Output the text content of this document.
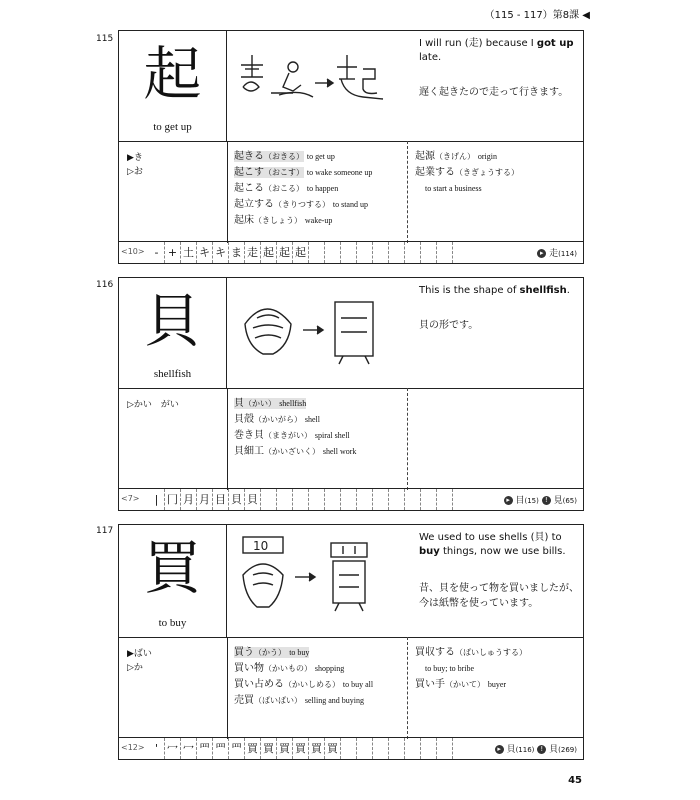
（115 - 117）第8課 ◀
115
起
to get up
I will run (走) because I got up late.
遅く起きたので走って行きます。
▶き
▷お
起きる（おきる） to get up
起こす（おこす） to wake someone up
起こる（おこる） to happen
起立する（きりつする） to stand up
起床（きしょう） wake-up
起源（きげん） origin
起業する（きぎょうする）
to start a business
<10> - + 土 キ キ ま 走 起 起 起	▸ 走(114)
116
貝
shellfish
This is the shape of shellfish.
貝の形です。
▷かい　がい	貝（かい） shellfish
貝殻（かいがら） shell
巻き貝（まきがい） spiral shell
貝細工（かいざいく） shell work
<7>	| 冂 月 月 目 貝 貝	▸ 目(15) ! 見(65)
117
買
to buy
10
We used to use shells (貝) to buy things, now we use bills.
昔、貝を使って物を買いましたが、今は紙幣を使っています。
▶ばい
▷か
買う（かう） to buy
買い物（かいもの） shopping
買い占める（かいしめる） to buy all
売買（ばいばい） selling and buying
買収する（ばいしゅうする）
to buy; to bribe
買い手（かいて） buyer
<12> ' 冖 冖 罒 罒 罒 買 買 買 買 買 買	▸ 貝(116) ! 貝(269)
45
